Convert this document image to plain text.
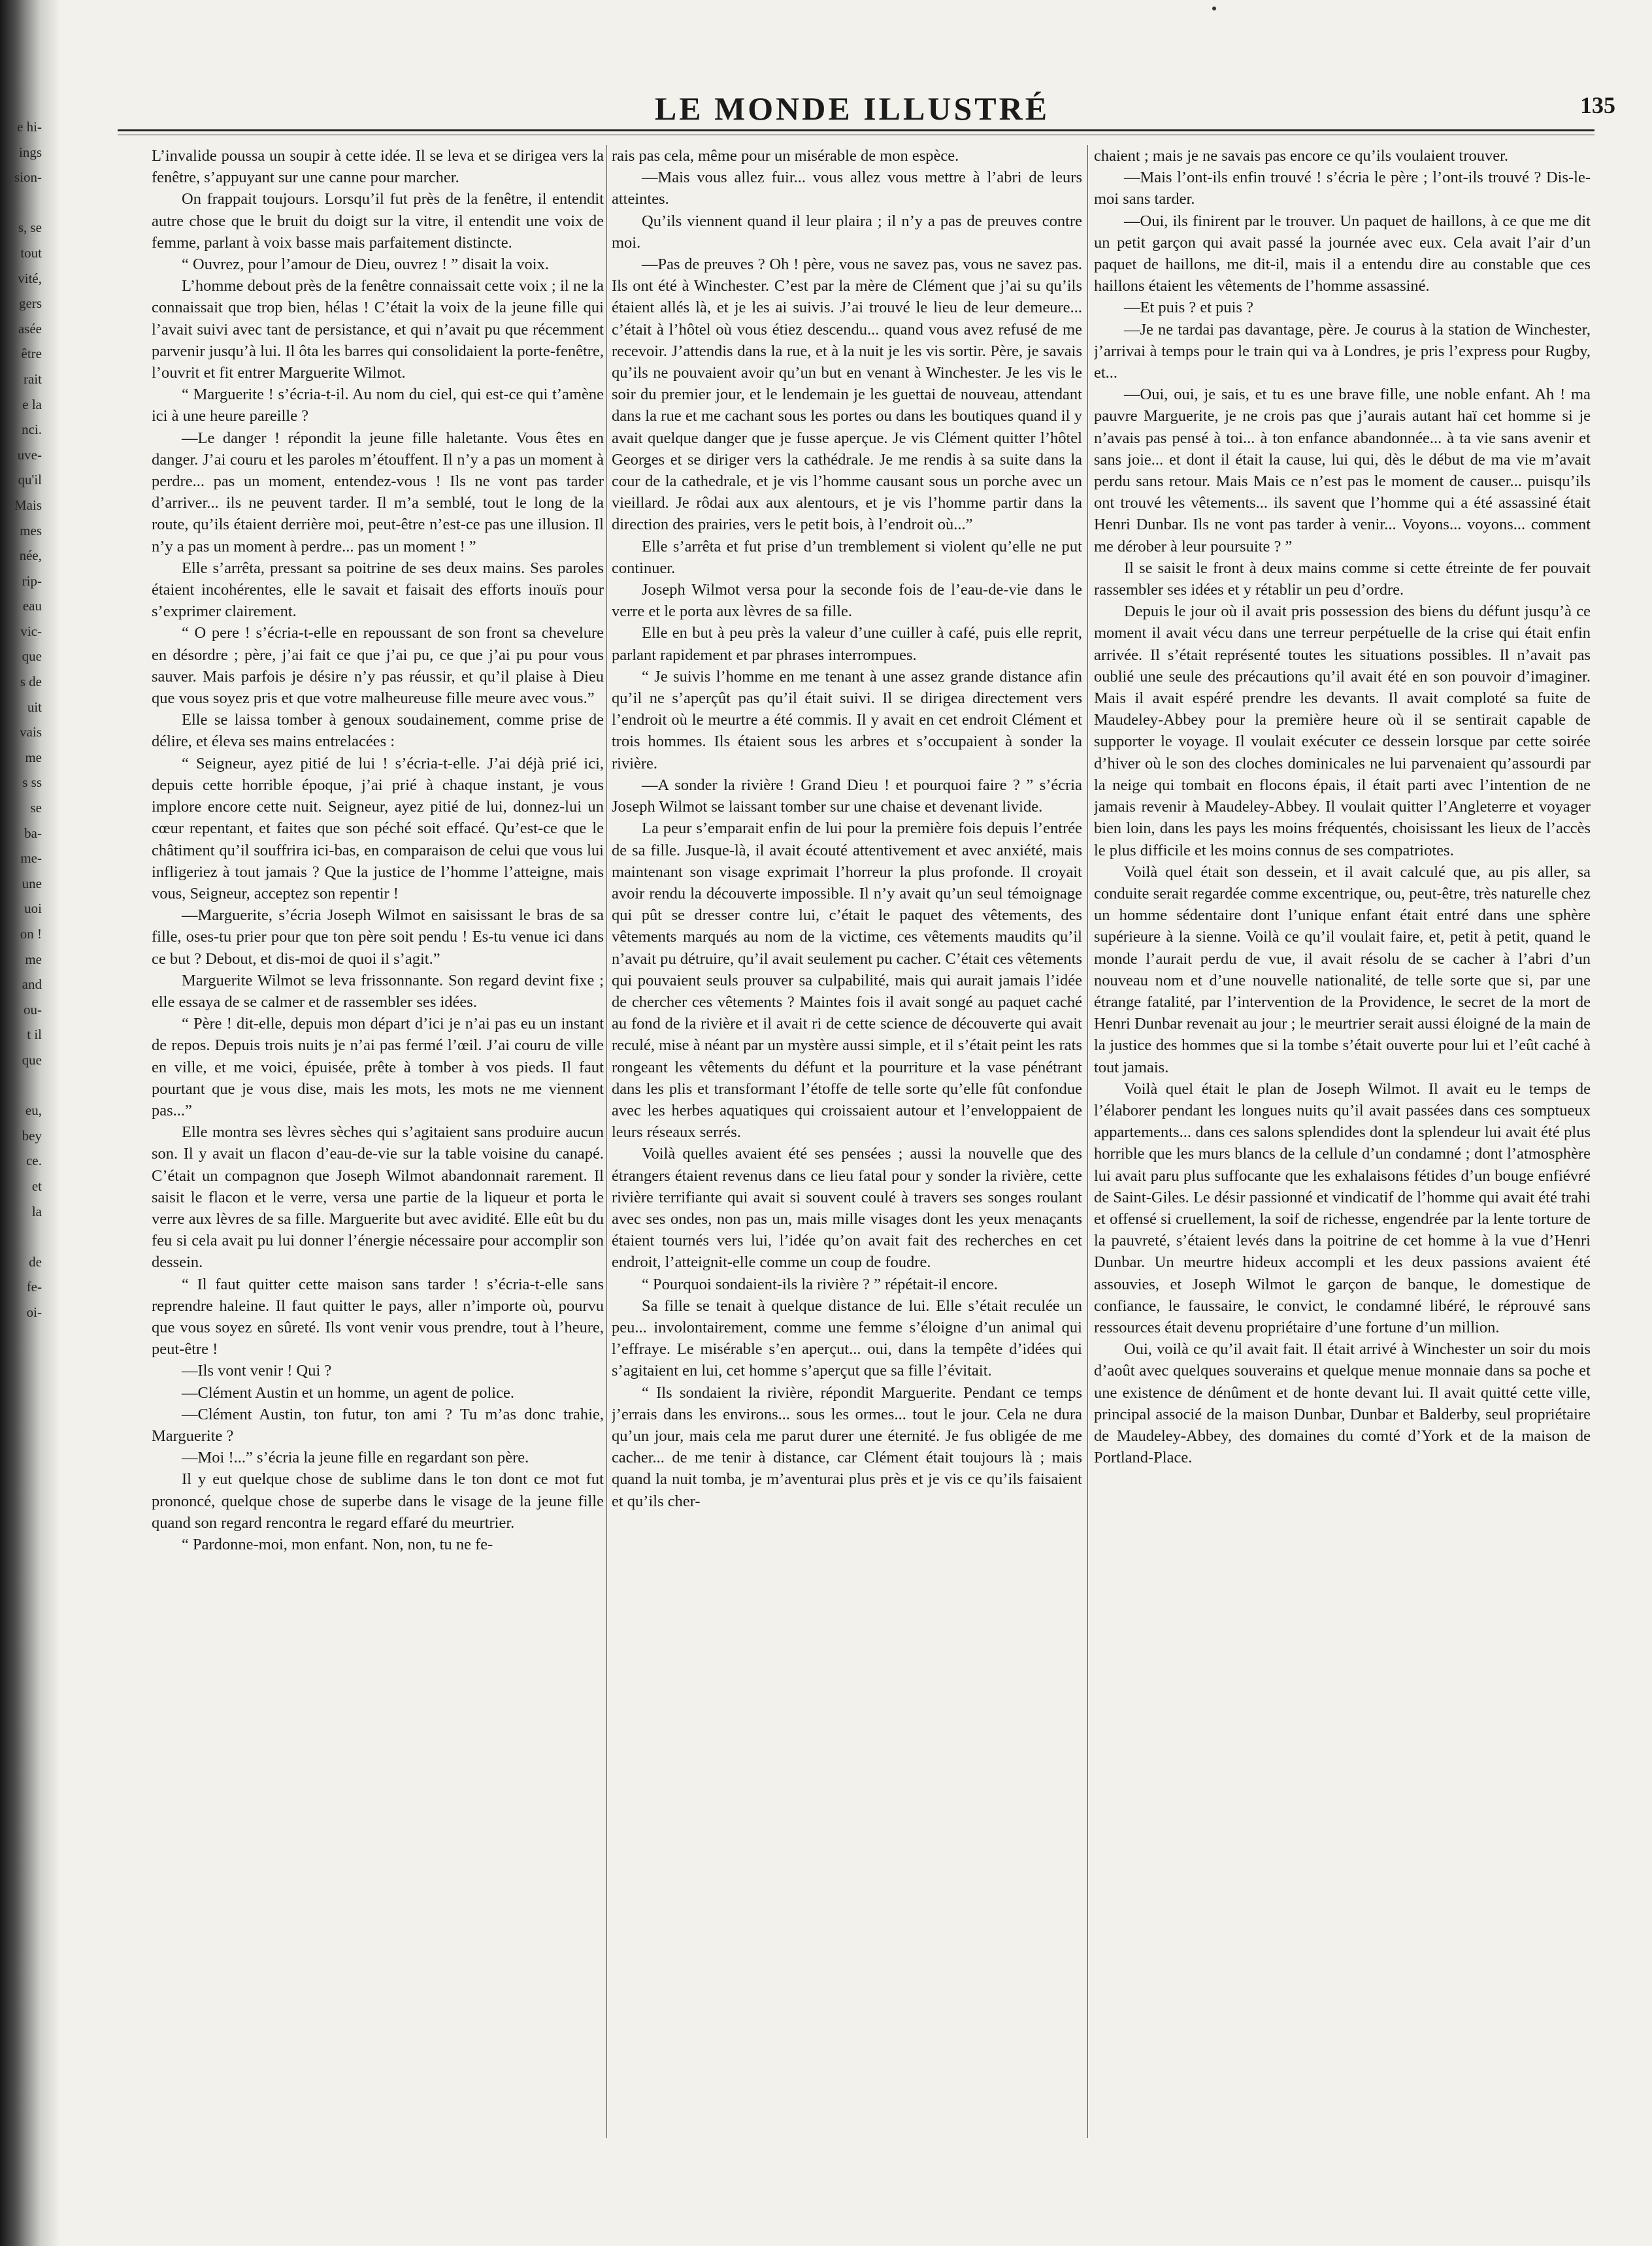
e hi-
ings
sion-
s, se
tout
vité,
gers
asée
être
rait
e la
nci.
uve-
qu'il
Mais
mes
née,
rip-
eau
vic-
que
s de
uit
vais
me
s ss
se
ba-
me-
une
uoi
on !
me
and
ou-
t il
que
eu,
bey
ce.
et
la
de
fe-
oi-
LE MONDE ILLUSTRÉ	135

L’invalide poussa un soupir à cette idée. Il se leva et se dirigea vers la fenêtre, s’appuyant sur une canne pour marcher.

On frappait toujours. Lorsqu’il fut près de la fenêtre, il entendit autre chose que le bruit du doigt sur la vitre, il entendit une voix de femme, parlant à voix basse mais parfaitement distincte.

“ Ouvrez, pour l’amour de Dieu, ouvrez ! ” disait la voix.

L’homme debout près de la fenêtre connaissait cette voix ; il ne la connaissait que trop bien, hélas ! C’était la voix de la jeune fille qui l’avait suivi avec tant de persistance, et qui n’avait pu que récemment parvenir jusqu’à lui. Il ôta les barres qui consolidaient la porte-fenêtre, l’ouvrit et fit entrer Marguerite Wilmot.

“ Marguerite ! s’écria-t-il. Au nom du ciel, qui est-ce qui t’amène ici à une heure pareille ?

—Le danger ! répondit la jeune fille haletante. Vous êtes en danger. J’ai couru et les paroles m’étouffent. Il n’y a pas un moment à perdre... pas un moment, entendez-vous ! Ils ne vont pas tarder d’arriver... ils ne peuvent tarder. Il m’a semblé, tout le long de la route, qu’ils étaient derrière moi, peut-être n’est-ce pas une illusion. Il n’y a pas un moment à perdre... pas un moment ! ”

Elle s’arrêta, pressant sa poitrine de ses deux mains. Ses paroles étaient incohérentes, elle le savait et faisait des efforts inouïs pour s’exprimer clairement.

“ O pere ! s’écria-t-elle en repoussant de son front sa chevelure en désordre ; père, j’ai fait ce que j’ai pu, ce que j’ai pu pour vous sauver. Mais parfois je désire n’y pas réussir, et qu’il plaise à Dieu que vous soyez pris et que votre malheureuse fille meure avec vous.”

Elle se laissa tomber à genoux soudainement, comme prise de délire, et éleva ses mains entrelacées :

“ Seigneur, ayez pitié de lui ! s’écria-t-elle. J’ai déjà prié ici, depuis cette horrible époque, j’ai prié à chaque instant, je vous implore encore cette nuit. Seigneur, ayez pitié de lui, donnez-lui un cœur repentant, et faites que son péché soit effacé. Qu’est-ce que le châtiment qu’il souffrira ici-bas, en comparaison de celui que vous lui infligeriez à tout jamais ? Que la justice de l’homme l’atteigne, mais vous, Seigneur, acceptez son repentir !

—Marguerite, s’écria Joseph Wilmot en saisissant le bras de sa fille, oses-tu prier pour que ton père soit pendu ! Es-tu venue ici dans ce but ? Debout, et dis-moi de quoi il s’agit.”

Marguerite Wilmot se leva frissonnante. Son regard devint fixe ; elle essaya de se calmer et de rassembler ses idées.

“ Père ! dit-elle, depuis mon départ d’ici je n’ai pas eu un instant de repos. Depuis trois nuits je n’ai pas fermé l’œil. J’ai couru de ville en ville, et me voici, épuisée, prête à tomber à vos pieds. Il faut pourtant que je vous dise, mais les mots, les mots ne me viennent pas...”

Elle montra ses lèvres sèches qui s’agitaient sans produire aucun son. Il y avait un flacon d’eau-de-vie sur la table voisine du canapé. C’était un compagnon que Joseph Wilmot abandonnait rarement. Il saisit le flacon et le verre, versa une partie de la liqueur et porta le verre aux lèvres de sa fille. Marguerite but avec avidité. Elle eût bu du feu si cela avait pu lui donner l’énergie nécessaire pour accomplir son dessein.

“ Il faut quitter cette maison sans tarder ! s’écria-t-elle sans reprendre haleine. Il faut quitter le pays, aller n’importe où, pourvu que vous soyez en sûreté. Ils vont venir vous prendre, tout à l’heure, peut-être !

—Ils vont venir ! Qui ?

—Clément Austin et un homme, un agent de police.

—Clément Austin, ton futur, ton ami ? Tu m’as donc trahie, Marguerite ?

—Moi !...” s’écria la jeune fille en regardant son père.

Il y eut quelque chose de sublime dans le ton dont ce mot fut prononcé, quelque chose de superbe dans le visage de la jeune fille quand son regard rencontra le regard effaré du meurtrier.

“ Pardonne-moi, mon enfant. Non, non, tu ne fe-

rais pas cela, même pour un misérable de mon espèce.

—Mais vous allez fuir... vous allez vous mettre à l’abri de leurs atteintes.

Qu’ils viennent quand il leur plaira ; il n’y a pas de preuves contre moi.

—Pas de preuves ? Oh ! père, vous ne savez pas, vous ne savez pas. Ils ont été à Winchester. C’est par la mère de Clément que j’ai su qu’ils étaient allés là, et je les ai suivis. J’ai trouvé le lieu de leur demeure... c’était à l’hôtel où vous étiez descendu... quand vous avez refusé de me recevoir. J’attendis dans la rue, et à la nuit je les vis sortir. Père, je savais qu’ils ne pouvaient avoir qu’un but en venant à Winchester. Je les vis le soir du premier jour, et le lendemain je les guettai de nouveau, attendant dans la rue et me cachant sous les portes ou dans les boutiques quand il y avait quelque danger que je fusse aperçue. Je vis Clément quitter l’hôtel Georges et se diriger vers la cathédrale. Je me rendis à sa suite dans la cour de la cathedrale, et je vis l’homme causant sous un porche avec un vieillard. Je rôdai aux aux alentours, et je vis l’homme partir dans la direction des prairies, vers le petit bois, à l’endroit où...”

Elle s’arrêta et fut prise d’un tremblement si violent qu’elle ne put continuer.

Joseph Wilmot versa pour la seconde fois de l’eau-de-vie dans le verre et le porta aux lèvres de sa fille.

Elle en but à peu près la valeur d’une cuiller à café, puis elle reprit, parlant rapidement et par phrases interrompues.

“ Je suivis l’homme en me tenant à une assez grande distance afin qu’il ne s’aperçût pas qu’il était suivi. Il se dirigea directement vers l’endroit où le meurtre a été commis. Il y avait en cet endroit Clément et trois hommes. Ils étaient sous les arbres et s’occupaient à sonder la rivière.

—A sonder la rivière ! Grand Dieu ! et pourquoi faire ? ” s’écria Joseph Wilmot se laissant tomber sur une chaise et devenant livide.

La peur s’emparait enfin de lui pour la première fois depuis l’entrée de sa fille. Jusque-là, il avait écouté attentivement et avec anxiété, mais maintenant son visage exprimait l’horreur la plus profonde. Il croyait avoir rendu la découverte impossible. Il n’y avait qu’un seul témoignage qui pût se dresser contre lui, c’était le paquet des vêtements, des vêtements marqués au nom de la victime, ces vêtements maudits qu’il n’avait pu détruire, qu’il avait seulement pu cacher. C’était ces vêtements qui pouvaient seuls prouver sa culpabilité, mais qui aurait jamais l’idée de chercher ces vêtements ? Maintes fois il avait songé au paquet caché au fond de la rivière et il avait ri de cette science de découverte qui avait reculé, mise à néant par un mystère aussi simple, et il s’était peint les rats rongeant les vêtements du défunt et la pourriture et la vase pénétrant dans les plis et transformant l’étoffe de telle sorte qu’elle fût confondue avec les herbes aquatiques qui croissaient autour et l’enveloppaient de leurs réseaux serrés.

Voilà quelles avaient été ses pensées ; aussi la nouvelle que des étrangers étaient revenus dans ce lieu fatal pour y sonder la rivière, cette rivière terrifiante qui avait si souvent coulé à travers ses songes roulant avec ses ondes, non pas un, mais mille visages dont les yeux menaçants étaient tournés vers lui, l’idée qu’on avait fait des recherches en cet endroit, l’atteignit-elle comme un coup de foudre.

“ Pourquoi sondaient-ils la rivière ? ” répétait-il encore.

Sa fille se tenait à quelque distance de lui. Elle s’était reculée un peu... involontairement, comme une femme s’éloigne d’un animal qui l’effraye. Le misérable s’en aperçut... oui, dans la tempête d’idées qui s’agitaient en lui, cet homme s’aperçut que sa fille l’évitait.

“ Ils sondaient la rivière, répondit Marguerite. Pendant ce temps j’errais dans les environs... sous les ormes... tout le jour. Cela ne dura qu’un jour, mais cela me parut durer une éternité. Je fus obligée de me cacher... de me tenir à distance, car Clément était toujours là ; mais quand la nuit tomba, je m’aventurai plus près et je vis ce qu’ils faisaient et qu’ils cher-

chaient ; mais je ne savais pas encore ce qu’ils voulaient trouver.

—Mais l’ont-ils enfin trouvé ! s’écria le père ; l’ont-ils trouvé ? Dis-le-moi sans tarder.

—Oui, ils finirent par le trouver. Un paquet de haillons, à ce que me dit un petit garçon qui avait passé la journée avec eux. Cela avait l’air d’un paquet de haillons, me dit-il, mais il a entendu dire au constable que ces haillons étaient les vêtements de l’homme assassiné.

—Et puis ? et puis ?

—Je ne tardai pas davantage, père. Je courus à la station de Winchester, j’arrivai à temps pour le train qui va à Londres, je pris l’express pour Rugby, et...

—Oui, oui, je sais, et tu es une brave fille, une noble enfant. Ah ! ma pauvre Marguerite, je ne crois pas que j’aurais autant haï cet homme si je n’avais pas pensé à toi... à ton enfance abandonnée... à ta vie sans avenir et sans joie... et dont il était la cause, lui qui, dès le début de ma vie m’avait perdu sans retour. Mais Mais ce n’est pas le moment de causer... puisqu’ils ont trouvé les vêtements... ils savent que l’homme qui a été assassiné était Henri Dunbar. Ils ne vont pas tarder à venir... Voyons... voyons... comment me dérober à leur poursuite ? ”

Il se saisit le front à deux mains comme si cette étreinte de fer pouvait rassembler ses idées et y rétablir un peu d’ordre.

Depuis le jour où il avait pris possession des biens du défunt jusqu’à ce moment il avait vécu dans une terreur perpétuelle de la crise qui était enfin arrivée. Il s’était représenté toutes les situations possibles. Il n’avait pas oublié une seule des précautions qu’il avait été en son pouvoir d’imaginer. Mais il avait espéré prendre les devants. Il avait comploté sa fuite de Maudeley-Abbey pour la première heure où il se sentirait capable de supporter le voyage. Il voulait exécuter ce dessein lorsque par cette soirée d’hiver où le son des cloches dominicales ne lui parvenaient qu’assourdi par la neige qui tombait en flocons épais, il était parti avec l’intention de ne jamais revenir à Maudeley-Abbey. Il voulait quitter l’Angleterre et voyager bien loin, dans les pays les moins fréquentés, choisissant les lieux de l’accès le plus difficile et les moins connus de ses compatriotes.

Voilà quel était son dessein, et il avait calculé que, au pis aller, sa conduite serait regardée comme excentrique, ou, peut-être, très naturelle chez un homme sédentaire dont l’unique enfant était entré dans une sphère supérieure à la sienne. Voilà ce qu’il voulait faire, et, petit à petit, quand le monde l’aurait perdu de vue, il avait résolu de se cacher à l’abri d’un nouveau nom et d’une nouvelle nationalité, de telle sorte que si, par une étrange fatalité, par l’intervention de la Providence, le secret de la mort de Henri Dunbar revenait au jour ; le meurtrier serait aussi éloigné de la main de la justice des hommes que si la tombe s’était ouverte pour lui et l’eût caché à tout jamais.

Voilà quel était le plan de Joseph Wilmot. Il avait eu le temps de l’élaborer pendant les longues nuits qu’il avait passées dans ces somptueux appartements... dans ces salons splendides dont la splendeur lui avait été plus horrible que les murs blancs de la cellule d’un condamné ; dont l’atmosphère lui avait paru plus suffocante que les exhalaisons fétides d’un bouge enfiévré de Saint-Giles. Le désir passionné et vindicatif de l’homme qui avait été trahi et offensé si cruellement, la soif de richesse, engendrée par la lente torture de la pauvreté, s’étaient levés dans la poitrine de cet homme à la vue d’Henri Dunbar. Un meurtre hideux accompli et les deux passions avaient été assouvies, et Joseph Wilmot le garçon de banque, le domestique de confiance, le faussaire, le convict, le condamné libéré, le réprouvé sans ressources était devenu propriétaire d’une fortune d’un million.

Oui, voilà ce qu’il avait fait. Il était arrivé à Winchester un soir du mois d’août avec quelques souverains et quelque menue monnaie dans sa poche et une existence de dénûment et de honte devant lui. Il avait quitté cette ville, principal associé de la maison Dunbar, Dunbar et Balderby, seul propriétaire de Maudeley-Abbey, des domaines du comté d’York et de la maison de Portland-Place.
